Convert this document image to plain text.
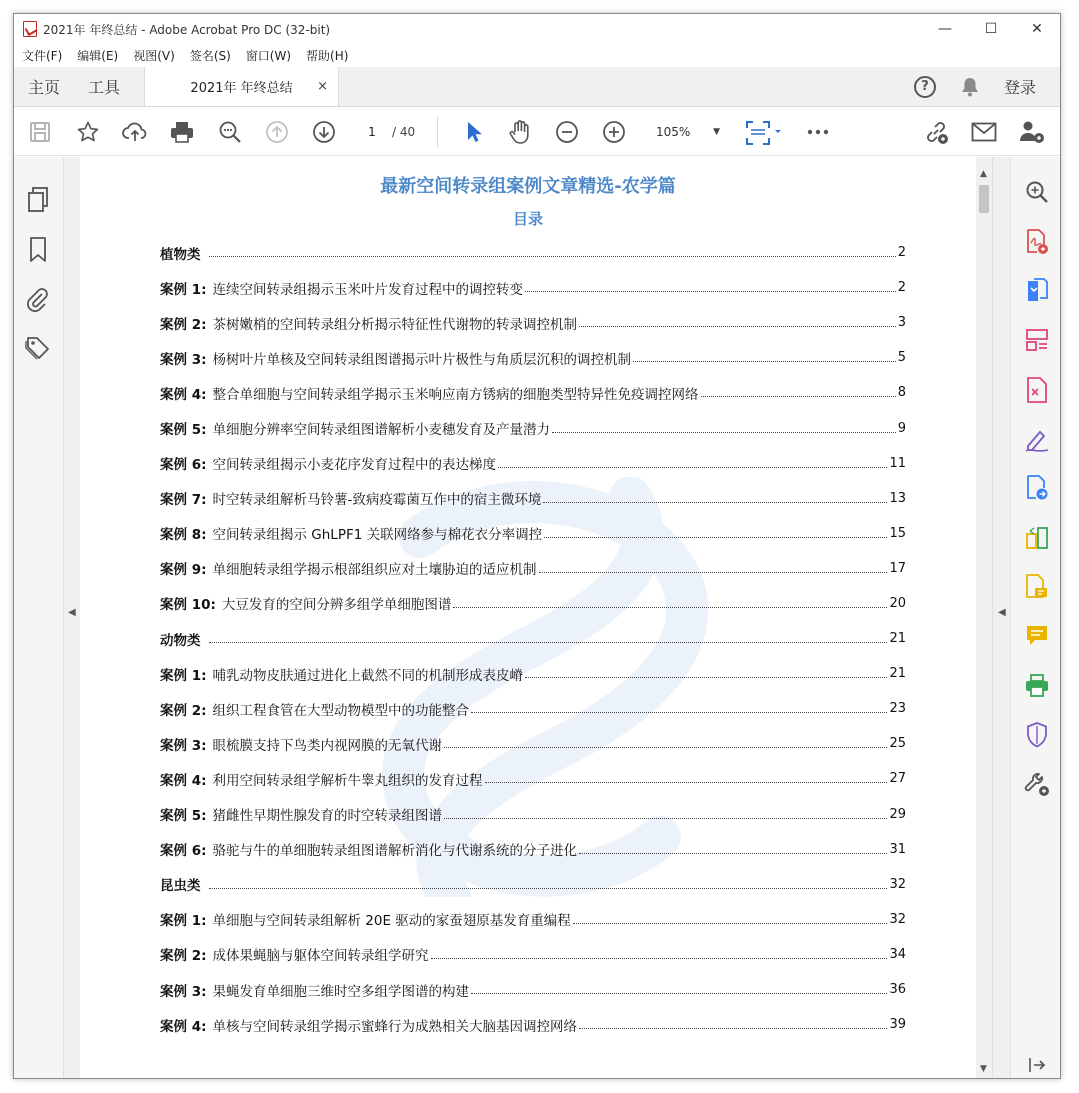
2021年 年终总结 - Adobe Acrobat Pro DC (32-bit)	—	☐	✕
文件(F) 编辑(E) 视图(V) 签名(S) 窗口(W) 帮助(H)
主页	工具	2021年 年终总结 ×	?	登录
1	/ 40	105%	▼
◀
最新空间转录组案例文章精选-农学篇
目录
植物类	2
案例 1: 连续空间转录组揭示玉米叶片发育过程中的调控转变	2
案例 2: 茶树嫩梢的空间转录组分析揭示特征性代谢物的转录调控机制	3
案例 3: 杨树叶片单核及空间转录组图谱揭示叶片极性与角质层沉积的调控机制	5
案例 4: 整合单细胞与空间转录组学揭示玉米响应南方锈病的细胞类型特异性免疫调控网络	8
案例 5: 单细胞分辨率空间转录组图谱解析小麦穗发育及产量潜力	9
案例 6: 空间转录组揭示小麦花序发育过程中的表达梯度	11
案例 7: 时空转录组解析马铃薯-致病疫霉菌互作中的宿主微环境	13
案例 8: 空间转录组揭示 GhLPF1 关联网络参与棉花衣分率调控	15
案例 9: 单细胞转录组学揭示根部组织应对土壤胁迫的适应机制	17
案例 10: 大豆发育的空间分辨多组学单细胞图谱	20
动物类	21
案例 1: 哺乳动物皮肤通过进化上截然不同的机制形成表皮嵴	21
案例 2: 组织工程食管在大型动物模型中的功能整合	23
案例 3: 眼梳膜支持下鸟类内视网膜的无氧代谢	25
案例 4: 利用空间转录组学解析牛睾丸组织的发育过程	27
案例 5: 猪雌性早期性腺发育的时空转录组图谱	29
案例 6: 骆驼与牛的单细胞转录组图谱解析消化与代谢系统的分子进化	31
昆虫类	32
案例 1: 单细胞与空间转录组解析 20E 驱动的家蚕翅原基发育重编程	32
案例 2: 成体果蝇脑与躯体空间转录组学研究	34
案例 3: 果蝇发育单细胞三维时空多组学图谱的构建	36
案例 4: 单核与空间转录组学揭示蜜蜂行为成熟相关大脑基因调控网络	39
▲
▼
◀
